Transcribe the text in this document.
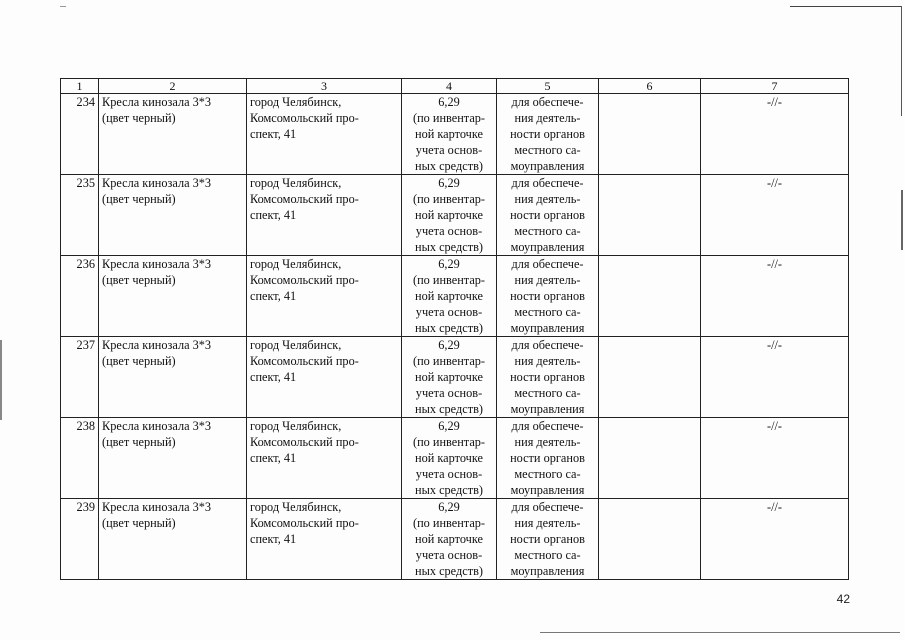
1	2	3	4	5	6	7
234	Кресла кинозала 3*3
(цвет черный)	город Челябинск,
Комсомольский про-
спект, 41	6,29
(по инвентар-
ной карточке
учета основ-
ных средств)	для обеспече-
ния деятель-
ности органов
местного са-
моуправления		-//-
235	Кресла кинозала 3*3
(цвет черный)	город Челябинск,
Комсомольский про-
спект, 41	6,29
(по инвентар-
ной карточке
учета основ-
ных средств)	для обеспече-
ния деятель-
ности органов
местного са-
моуправления		-//-
236	Кресла кинозала 3*3
(цвет черный)	город Челябинск,
Комсомольский про-
спект, 41	6,29
(по инвентар-
ной карточке
учета основ-
ных средств)	для обеспече-
ния деятель-
ности органов
местного са-
моуправления		-//-
237	Кресла кинозала 3*3
(цвет черный)	город Челябинск,
Комсомольский про-
спект, 41	6,29
(по инвентар-
ной карточке
учета основ-
ных средств)	для обеспече-
ния деятель-
ности органов
местного са-
моуправления		-//-
238	Кресла кинозала 3*3
(цвет черный)	город Челябинск,
Комсомольский про-
спект, 41	6,29
(по инвентар-
ной карточке
учета основ-
ных средств)	для обеспече-
ния деятель-
ности органов
местного са-
моуправления		-//-
239	Кресла кинозала 3*3
(цвет черный)	город Челябинск,
Комсомольский про-
спект, 41	6,29
(по инвентар-
ной карточке
учета основ-
ных средств)	для обеспече-
ния деятель-
ности органов
местного са-
моуправления		-//-
42
